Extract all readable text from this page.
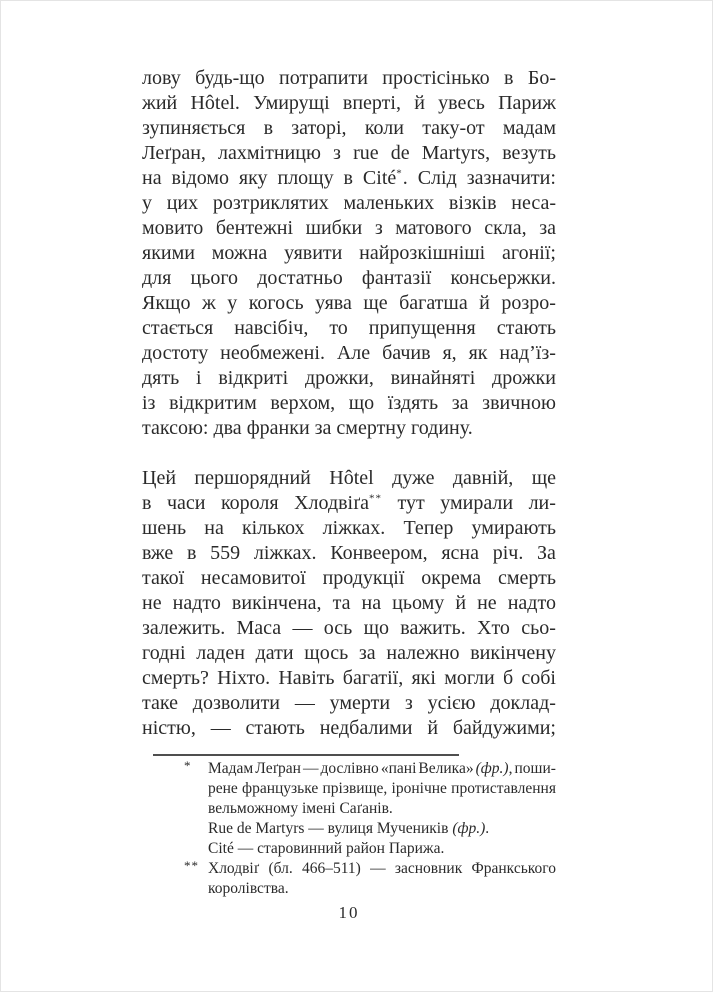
лову будь-що потрапити простісінько в Бо-
жий Hôtel. Умирущі вперті, й увесь Париж
зупиняється в заторі, коли таку-от мадам
Леґран, лахмітницю з rue de Martyrs, везуть
на відомо яку площу в Cité*. Слід зазначити:
у цих розтриклятих маленьких візків неса-
мовито бентежні шибки з матового скла, за
якими можна уявити найрозкішніші агонії;
для цього достатньо фантазії консьержки.
Якщо ж у когось уява ще багатша й розро-
стається навсібіч, то припущення стають
достоту необмежені. Але бачив я, як над’їз-
дять і відкриті дрожки, винайняті дрожки
із відкритим верхом, що їздять за звичною
таксою: два франки за смертну годину.
Цей першорядний Hôtel дуже давній, ще
в часи короля Хлодвіґа** тут умирали ли-
шень на кількох ліжках. Тепер умирають
вже в 559 ліжках. Конвеером, ясна річ. За
такої несамовитої продукції окрема смерть
не надто викінчена, та на цьому й не надто
залежить. Маса — ось що важить. Хто сьо-
годні ладен дати щось за належно викінчену
смерть? Ніхто. Навіть багатії, які могли б собі
таке дозволити — умерти з усією доклад-
ністю, — стають недбалими й байдужими;
*	Мадам Леґран — дослівно «пані Велика» (фр.), поши-
рене французьке прізвище, іронічне протиставлення
вельможному імені Саґанів.
Rue de Martyrs — вулиця Мучеників (фр.).
Cité — старовинний район Парижа.
** Хлодвіґ (бл. 466–511) — засновник Франкського
королівства.
10
